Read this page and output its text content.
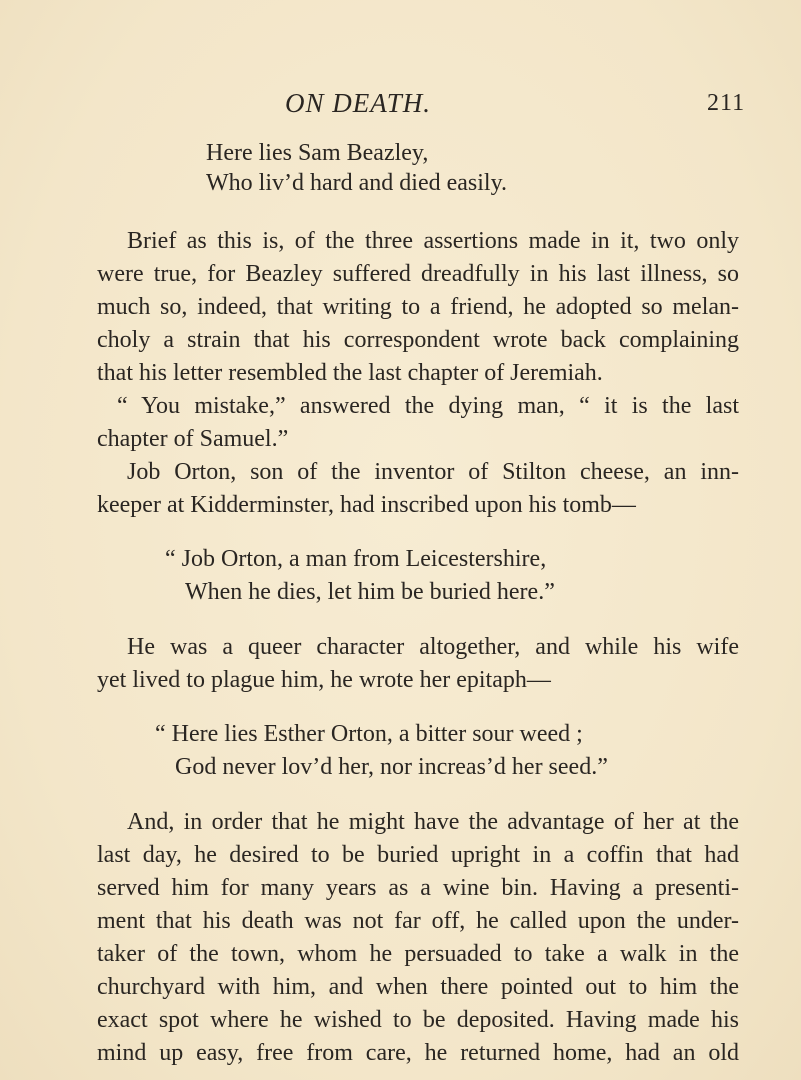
ON DEATH.	211
Here lies Sam Beazley,
Who liv’d hard and died easily.
Brief as this is, of the three assertions made in it, two only
were true, for Beazley suffered dreadfully in his last illness, so
much so, indeed, that writing to a friend, he adopted so melan-
choly a strain that his correspondent wrote back complaining
that his letter resembled the last chapter of Jeremiah.
“ You mistake,” answered the dying man, “ it is the last
chapter of Samuel.”
Job Orton, son of the inventor of Stilton cheese, an inn-
keeper at Kidderminster, had inscribed upon his tomb—
“ Job Orton, a man from Leicestershire,
When he dies, let him be buried here.”
He was a queer character altogether, and while his wife
yet lived to plague him, he wrote her epitaph—
“ Here lies Esther Orton, a bitter sour weed ;
God never lov’d her, nor increas’d her seed.”
And, in order that he might have the advantage of her at the
last day, he desired to be buried upright in a coffin that had
served him for many years as a wine bin. Having a presenti-
ment that his death was not far off, he called upon the under-
taker of the town, whom he persuaded to take a walk in the
churchyard with him, and when there pointed out to him the
exact spot where he wished to be deposited. Having made his
mind up easy, free from care, he returned home, had an old
